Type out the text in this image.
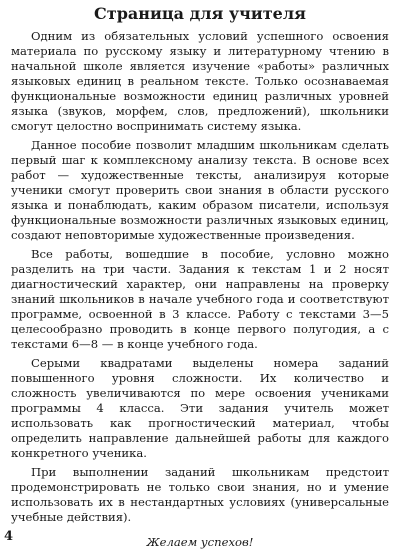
Страница для учителя

Одним из обязательных условий успешного освоения материала по русскому языку и литературному чтению в начальной школе является изучение «работы» различных языковых единиц в реальном тексте. Только осознаваемая функциональные возможности единиц различных уровней языка (звуков, морфем, слов, предложений), школьники смогут целостно воспринимать систему языка.

Данное пособие позволит младшим школьникам сделать первый шаг к комплексному анализу текста. В основе всех работ — художественные тексты, анализируя которые ученики смогут проверить свои знания в области русского языка и понаблюдать, каким образом писатели, используя функциональные возможности различных языковых единиц, создают неповторимые художественные произведения.

Все работы, вошедшие в пособие, условно можно разделить на три части. Задания к текстам 1 и 2 носят диагностический характер, они направлены на проверку знаний школьников в начале учебного года и соответствуют программе, освоенной в 3 классе. Работу с текстами 3—5 целесообразно проводить в конце первого полугодия, а с текстами 6—8 — в конце учебного года.

Серыми квадратами выделены номера заданий повышенного уровня сложности. Их количество и сложность увеличиваются по мере освоения учениками программы 4 класса. Эти задания учитель может использовать как прогностический материал, чтобы определить направление дальнейшей работы для каждого конкретного ученика.

При выполнении заданий школьникам предстоит продемонстрировать не только свои знания, но и умение использовать их в нестандартных условиях (универсальные учебные действия).

Желаем успехов!

4
